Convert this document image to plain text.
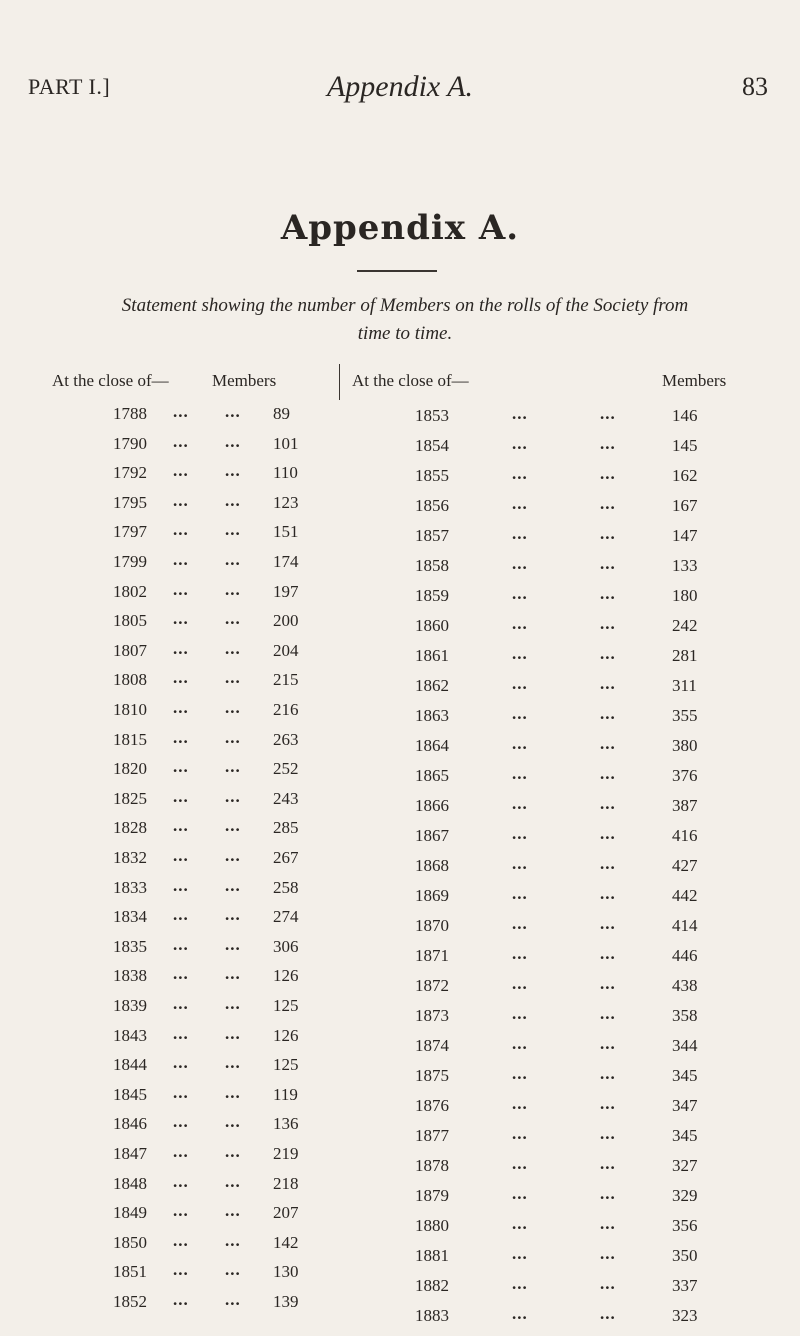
PART I.]	Appendix A.	83
Appendix A.
Statement showing the number of Members on the rolls of the Society from
time to time.
At the close of—	Members	At the close of—	Members
1788 ... ... 89
1790 ... ... 101
1792 ... ... 110
1795 ... ... 123
1797 ... ... 151
1799 ... ... 174
1802 ... ... 197
1805 ... ... 200
1807 ... ... 204
1808 ... ... 215
1810 ... ... 216
1815 ... ... 263
1820 ... ... 252
1825 ... ... 243
1828 ... ... 285
1832 ... ... 267
1833 ... ... 258
1834 ... ... 274
1835 ... ... 306
1838 ... ... 126
1839 ... ... 125
1843 ... ... 126
1844 ... ... 125
1845 ... ... 119
1846 ... ... 136
1847 ... ... 219
1848 ... ... 218
1849 ... ... 207
1850 ... ... 142
1851 ... ... 130
1852 ... ... 139
1853	...	...	146
1854	...	...	145
1855	...	...	162
1856	...	...	167
1857	...	...	147
1858	...	...	133
1859	...	...	180
1860	...	...	242
1861	...	...	281
1862	...	...	311
1863	...	...	355
1864	...	...	380
1865	...	...	376
1866	...	...	387
1867	...	...	416
1868	...	...	427
1869	...	...	442
1870	...	...	414
1871	...	...	446
1872	...	...	438
1873	...	...	358
1874	...	...	344
1875	...	...	345
1876	...	...	347
1877	...	...	345
1878	...	...	327
1879	...	...	329
1880	...	...	356
1881	...	...	350
1882	...	...	337
1883	...	...	323
